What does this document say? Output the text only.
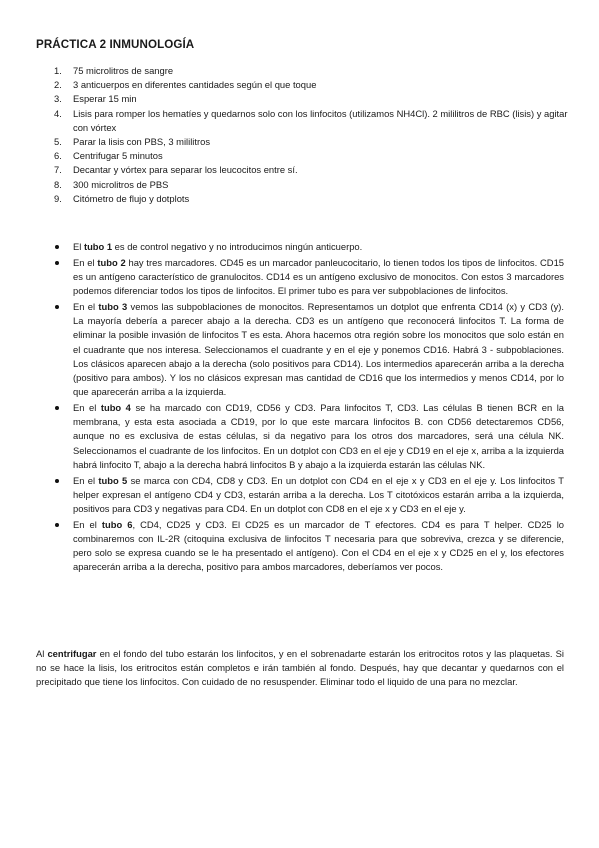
PRÁCTICA 2 INMUNOLOGÍA
1. 75 microlitros de sangre
2. 3 anticuerpos en diferentes cantidades según el que toque
3. Esperar 15 min
4. Lisis para romper los hematíes y quedarnos solo con los linfocitos (utilizamos NH4Cl). 2 mililitros de RBC (lisis) y agitar con vórtex
5. Parar la lisis con PBS, 3 mililitros
6. Centrifugar 5 minutos
7. Decantar y vórtex para separar los leucocitos entre sí.
8. 300 microlitros de PBS
9. Citómetro de flujo y dotplots
El tubo 1 es de control negativo y no introducimos ningún anticuerpo.
En el tubo 2 hay tres marcadores. CD45 es un marcador panleucocitario, lo tienen todos los tipos de linfocitos. CD15 es un antígeno característico de granulocitos. CD14 es un antígeno exclusivo de monocitos. Con estos 3 marcadores podemos diferenciar todos los tipos de linfocitos. El primer tubo es para ver subpoblaciones de linfocitos.
En el tubo 3 vemos las subpoblaciones de monocitos. Representamos un dotplot que enfrenta CD14 (x) y CD3 (y). La mayoría debería a parecer abajo a la derecha. CD3 es un antígeno que reconocerá linfocitos T. La forma de eliminar la posible invasión de linfocitos T es esta. Ahora hacemos otra región sobre los monocitos que solo están en el cuadrante que nos interesa. Seleccionamos el cuadrante y en el eje y ponemos CD16. Habrá 3 - subpoblaciones. Los clásicos aparecen abajo a la derecha (solo positivos para CD14). Los intermedios aparecerán arriba a la derecha (positivo para ambos). Y los no clásicos expresan mas cantidad de CD16 que los intermedios y menos CD14, por lo que aparecerán arriba a la izquierda.
En el tubo 4 se ha marcado con CD19, CD56 y CD3. Para linfocitos T, CD3. Las células B tienen BCR en la membrana, y esta esta asociada a CD19, por lo que este marcara linfocitos B. con CD56 detectaremos CD56, aunque no es exclusiva de estas células, si da negativo para los otros dos marcadores, será una célula NK. Seleccionamos el cuadrante de los linfocitos. En un dotplot con CD3 en el eje y CD19 en el eje x, arriba a la izquierda habrá linfocito T, abajo a la derecha habrá linfocitos B y abajo a la izquierda estarán las células NK.
En el tubo 5 se marca con CD4, CD8 y CD3. En un dotplot con CD4 en el eje x y CD3 en el eje y. Los linfocitos T helper expresan el antígeno CD4 y CD3, estarán arriba a la derecha. Los T citotóxicos estarán arriba a la izquierda, positivos para CD3 y negativas para CD4. En un dotplot con CD8 en el eje x y CD3 en el eje y.
En el tubo 6, CD4, CD25 y CD3. El CD25 es un marcador de T efectores. CD4 es para T helper. CD25 lo combinaremos con IL-2R (citoquina exclusiva de linfocitos T necesaria para que sobreviva, crezca y se diferencie, pero solo se expresa cuando se le ha presentado el antígeno). Con el CD4 en el eje x y CD25 en el y, los efectores aparecerán arriba a la derecha, positivo para ambos marcadores, deberíamos ver pocos.

Al centrifugar en el fondo del tubo estarán los linfocitos, y en el sobrenadarte estarán los eritrocitos rotos y las plaquetas. Si no se hace la lisis, los eritrocitos están completos e irán también al fondo. Después, hay que decantar y quedarnos con el precipitado que tiene los linfocitos. Con cuidado de no resuspender. Eliminar todo el liquido de una para no mezclar.
